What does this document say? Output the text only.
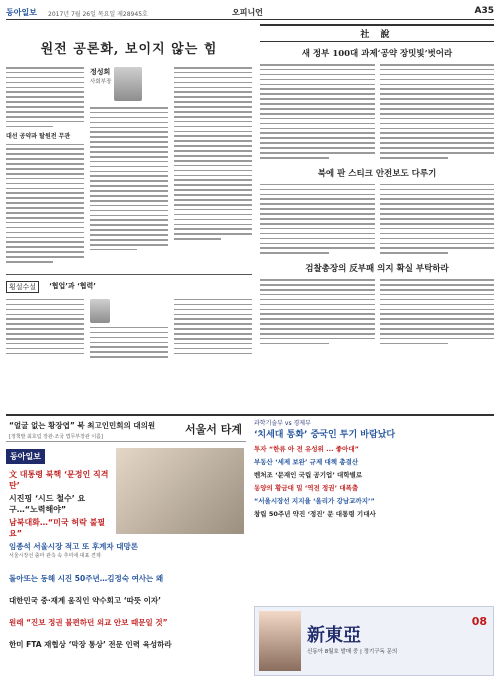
동아일보 2017년 7월 26일 목요일 제28945호	오피니언	A35
원전 공론화, 보이지 않는 힘
대선 공약과 탈원전 무관
정성희
사회부장
횡설수설	‘협업’과 ‘협력’
社 說
새 정부 100대 과제‘공약 장밋빛’벗어라
북에 판 스티크 안전보도 다루기
검찰총장의 反부패 의지 확실 부탁하라
“얼굴 없는 황장엽” 북 최고인민회의 대의원
[정책발 최호림 장관·조국 법무부장관 이름]
서울서 타계
동아일보
文 대통령 북핵 ‘문정인 직격탄’
시진핑 ‘시드 철수’ 요구…“노력해야”
남북대화…“미국 허락 불필요”
임종석 서울시장 적고 또 후계자 대망론
서울시장선 출마 관측 속 추미애 대표 견제
돌아또는 동해 시진 50주년…김정숙 여사는 왜
대한민국 중·재계 움직인 약수회고 ‘따뜻 이자’
원래 “진보 정권 불편하던 외교 안보 때문일 것”
한미 FTA 재협상 ‘막장 통상’ 전문 인력 육성하라
과학기술부 vs 경제부
‘치세대 통화’ 중국인 투기 바람났다
투자 “한류 아 전 유성위 ... 좋아대”
부동산 ‘세제 보완’ 규제 대책 총결산
벤처조 ‘문재인 국립 공기업’ 대학별로
동양의 황금대 밀 ‘역전 정권’ 대폭출
“서울시장선 지지율 ‘올리가 강남교까지’”
창립 50주년 약진 ‘정진’ 문 대통령 기대사
新東亞
08
신동아 8월호 발매 중 | 정기구독 문의
